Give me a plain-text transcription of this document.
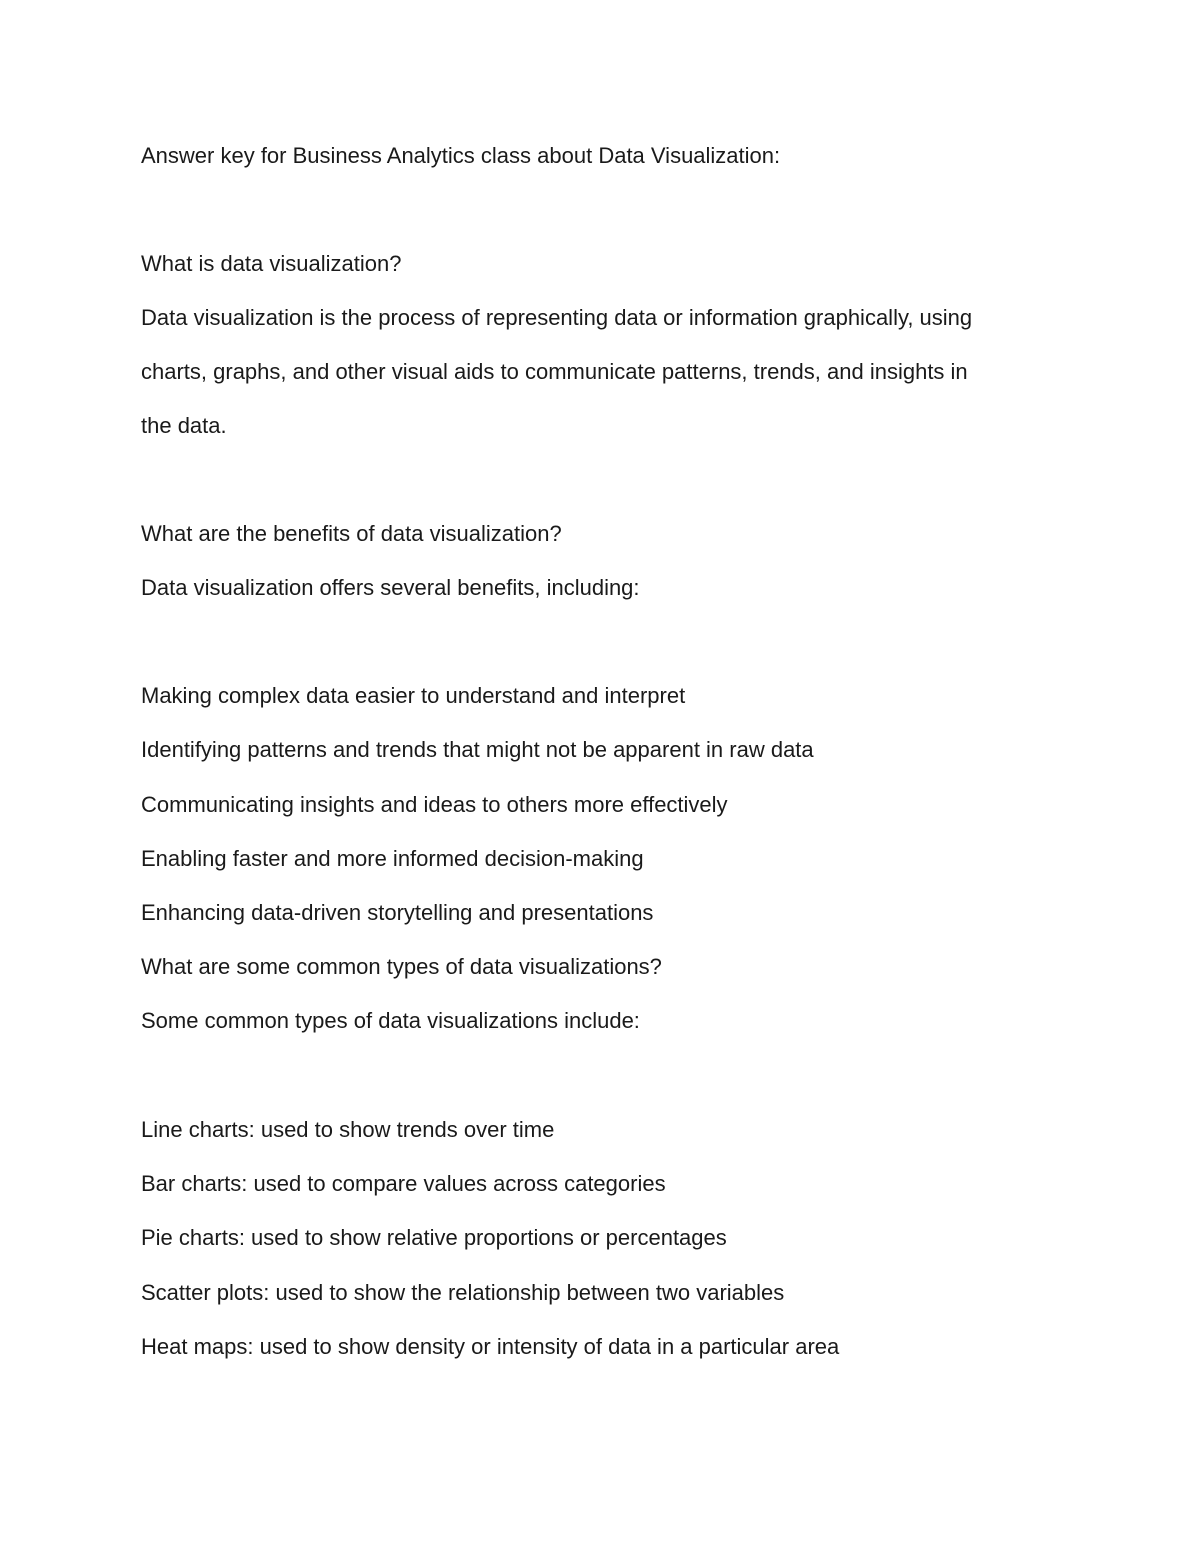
Answer key for Business Analytics class about Data Visualization:
What is data visualization?
Data visualization is the process of representing data or information graphically, using
charts, graphs, and other visual aids to communicate patterns, trends, and insights in
the data.
What are the benefits of data visualization?
Data visualization offers several benefits, including:
Making complex data easier to understand and interpret
Identifying patterns and trends that might not be apparent in raw data
Communicating insights and ideas to others more effectively
Enabling faster and more informed decision-making
Enhancing data-driven storytelling and presentations
What are some common types of data visualizations?
Some common types of data visualizations include:
Line charts: used to show trends over time
Bar charts: used to compare values across categories
Pie charts: used to show relative proportions or percentages
Scatter plots: used to show the relationship between two variables
Heat maps: used to show density or intensity of data in a particular area
